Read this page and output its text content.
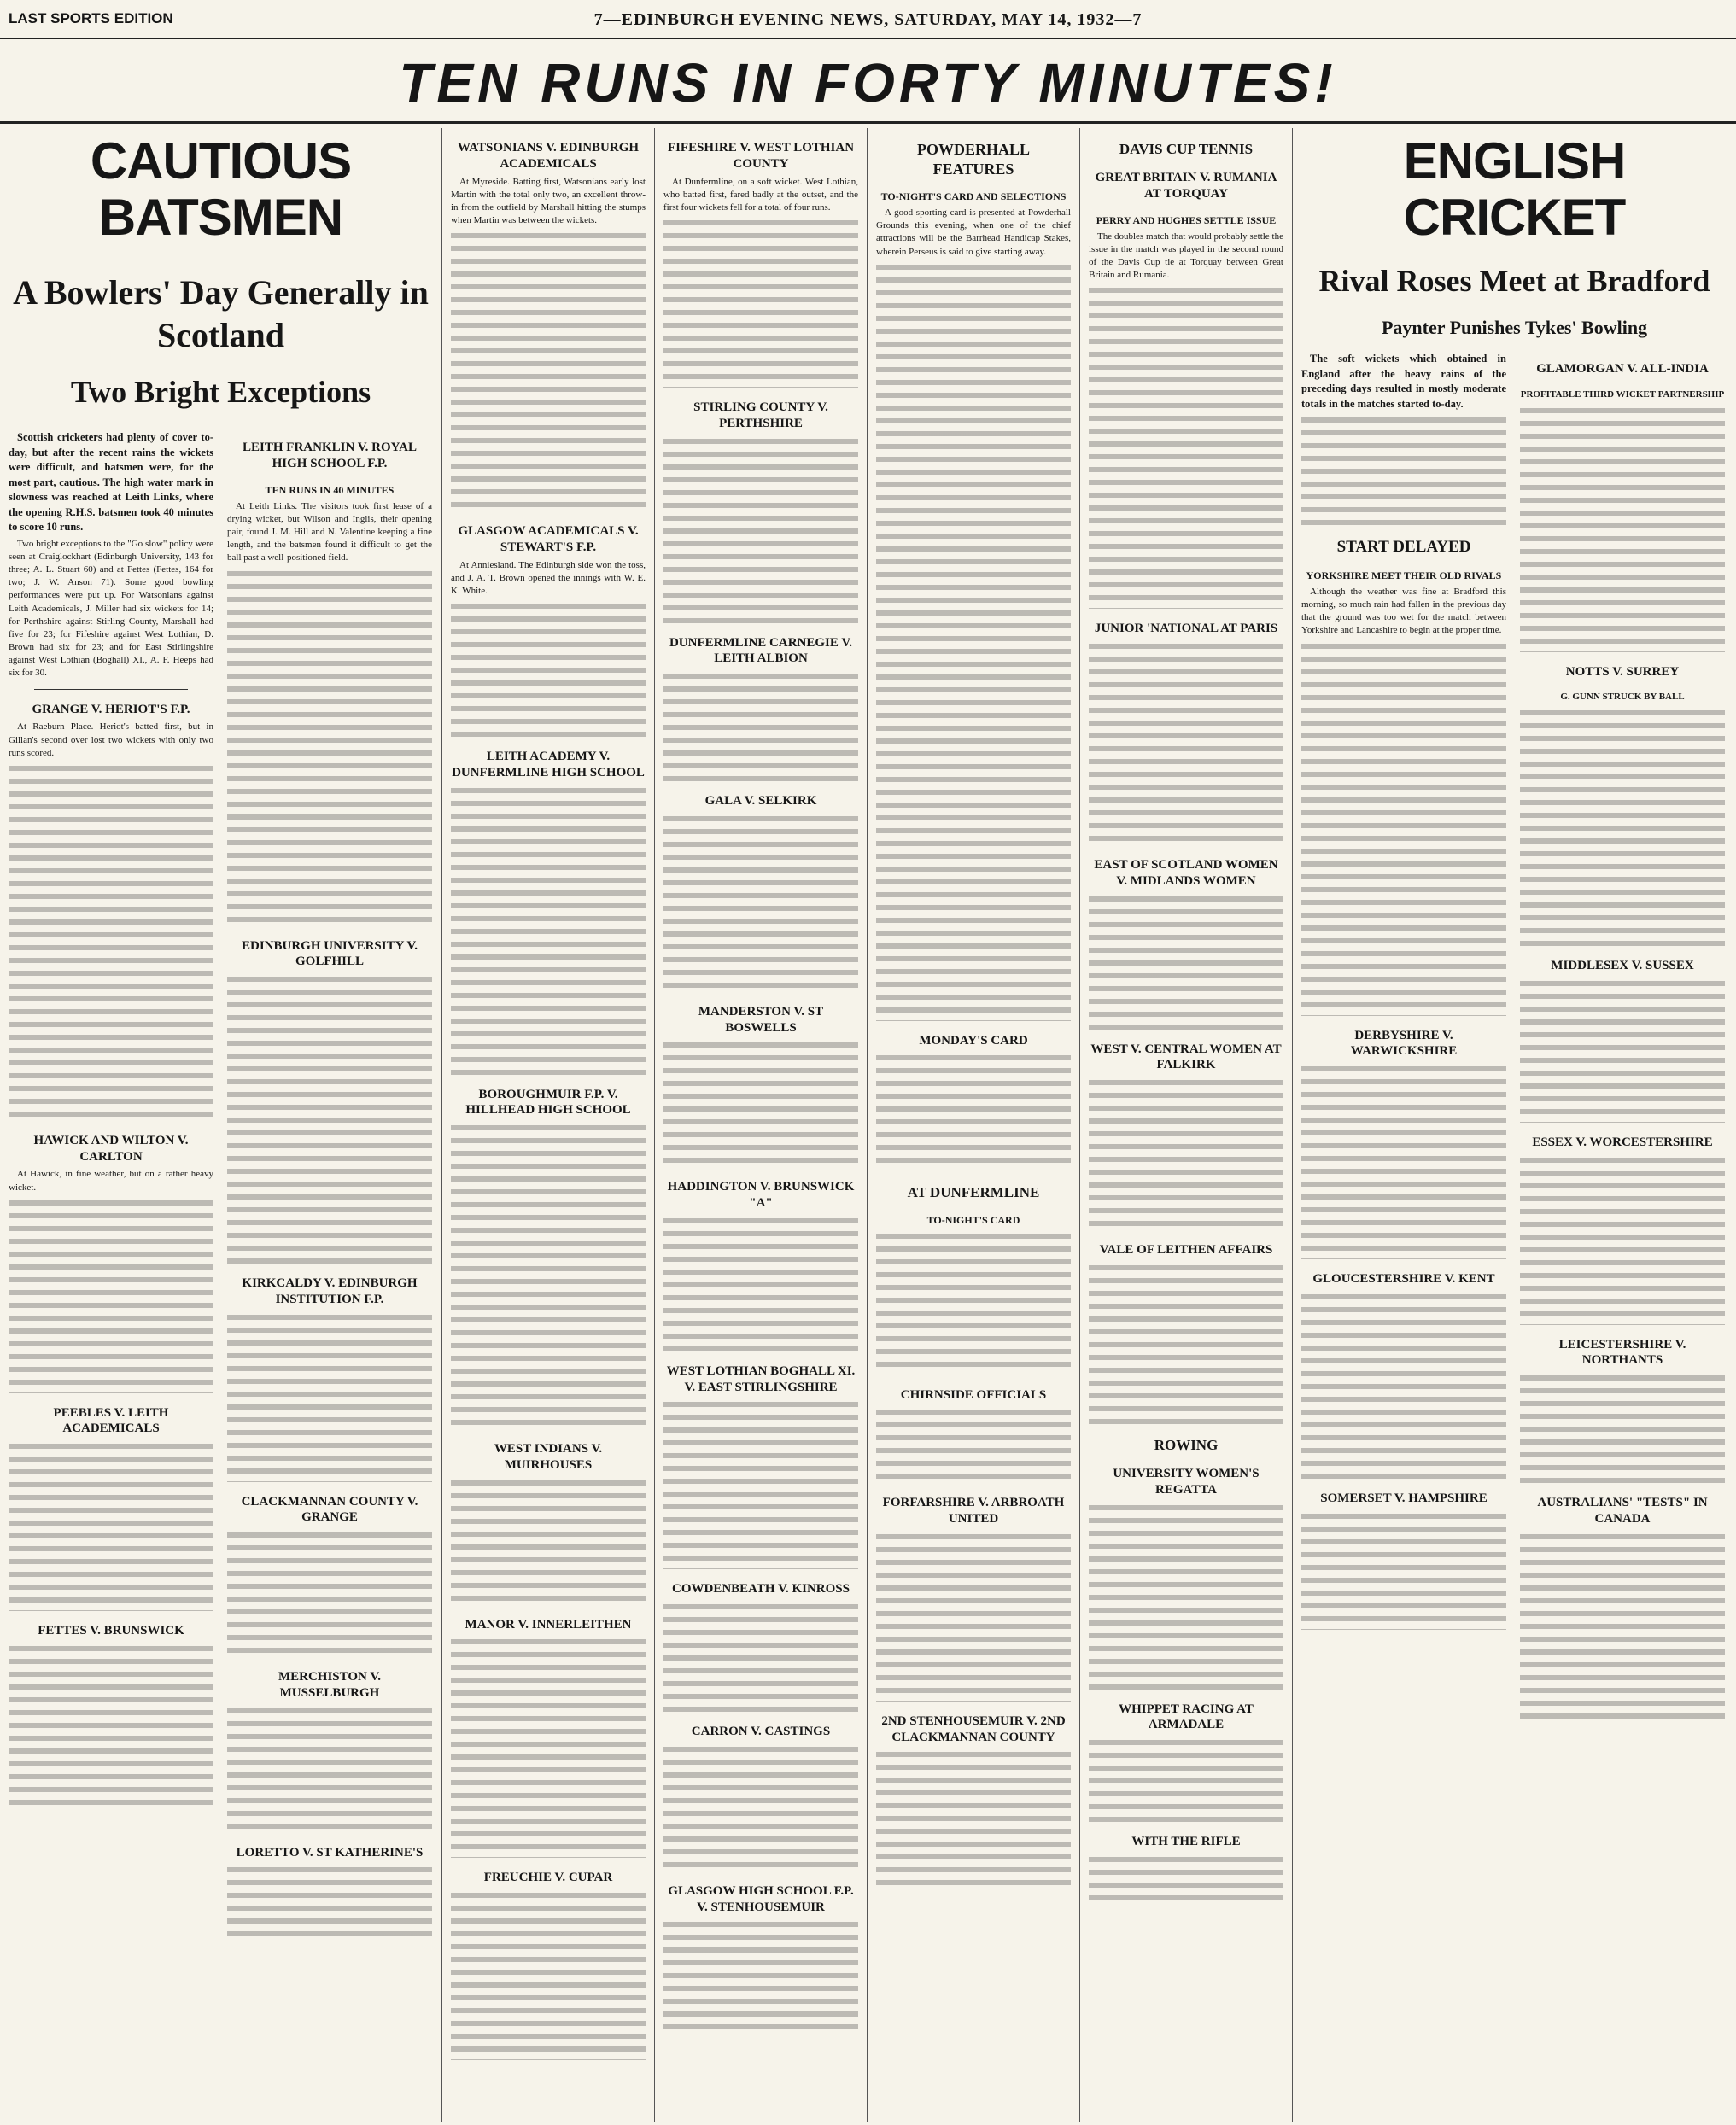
LAST SPORTS EDITION	7—EDINBURGH EVENING NEWS, SATURDAY, MAY 14, 1932—7
TEN RUNS IN FORTY MINUTES!
CAUTIOUS BATSMEN
A Bowlers' Day Generally in Scotland
Two Bright Exceptions

Scottish cricketers had plenty of cover to-day, but after the recent rains the wickets were difficult, and batsmen were, for the most part, cautious. The high water mark in slowness was reached at Leith Links, where the opening R.H.S. batsmen took 40 minutes to score 10 runs.

Two bright exceptions to the "Go slow" policy were seen at Craiglockhart (Edinburgh University, 143 for three; A. L. Stuart 60) and at Fettes (Fettes, 164 for two; J. W. Anson 71). Some good bowling performances were put up. For Watsonians against Leith Academicals, J. Miller had six wickets for 14; for Perthshire against Stirling County, Marshall had five for 23; for Fifeshire against West Lothian, D. Brown had six for 23; and for East Stirlingshire against West Lothian (Boghall) XI., A. F. Heeps had six for 30.

GRANGE V. HERIOT'S F.P.

At Raeburn Place. Heriot's batted first, but in Gillan's second over lost two wickets with only two runs scored.

HAWICK AND WILTON V. CARLTON

At Hawick, in fine weather, but on a rather heavy wicket.

PEEBLES V. LEITH ACADEMICALS
FETTES V. BRUNSWICK
LEITH FRANKLIN V. ROYAL HIGH SCHOOL F.P.
TEN RUNS IN 40 MINUTES

At Leith Links. The visitors took first lease of a drying wicket, but Wilson and Inglis, their opening pair, found J. M. Hill and N. Valentine keeping a fine length, and the batsmen found it difficult to get the ball past a well-positioned field.

EDINBURGH UNIVERSITY V. GOLFHILL
KIRKCALDY V. EDINBURGH INSTITUTION F.P.
CLACKMANNAN COUNTY V. GRANGE
MERCHISTON V. MUSSELBURGH
LORETTO V. ST KATHERINE'S
WATSONIANS V. EDINBURGH ACADEMICALS

At Myreside. Batting first, Watsonians early lost Martin with the total only two, an excellent throw-in from the outfield by Marshall hitting the stumps when Martin was between the wickets.

GLASGOW ACADEMICALS V. STEWART'S F.P.

At Anniesland. The Edinburgh side won the toss, and J. A. T. Brown opened the innings with W. E. K. White.

LEITH ACADEMY V. DUNFERMLINE HIGH SCHOOL
BOROUGHMUIR F.P. V. HILLHEAD HIGH SCHOOL
WEST INDIANS V. MUIRHOUSES
MANOR V. INNERLEITHEN
FREUCHIE V. CUPAR
FIFESHIRE V. WEST LOTHIAN COUNTY

At Dunfermline, on a soft wicket. West Lothian, who batted first, fared badly at the outset, and the first four wickets fell for a total of four runs.

STIRLING COUNTY V. PERTHSHIRE
DUNFERMLINE CARNEGIE V. LEITH ALBION
GALA V. SELKIRK
MANDERSTON V. ST BOSWELLS
HADDINGTON V. BRUNSWICK "A"
WEST LOTHIAN BOGHALL XI. V. EAST STIRLINGSHIRE
COWDENBEATH V. KINROSS
CARRON V. CASTINGS
GLASGOW HIGH SCHOOL F.P. V. STENHOUSEMUIR
POWDERHALL FEATURES
TO-NIGHT'S CARD AND SELECTIONS

A good sporting card is presented at Powderhall Grounds this evening, when one of the chief attractions will be the Barrhead Handicap Stakes, wherein Perseus is said to give starting away.

MONDAY'S CARD
AT DUNFERMLINE
TO-NIGHT'S CARD
CHIRNSIDE OFFICIALS
FORFARSHIRE V. ARBROATH UNITED
2ND STENHOUSEMUIR V. 2ND CLACKMANNAN COUNTY
DAVIS CUP TENNIS
GREAT BRITAIN V. RUMANIA AT TORQUAY
PERRY AND HUGHES SETTLE ISSUE

The doubles match that would probably settle the issue in the match was played in the second round of the Davis Cup tie at Torquay between Great Britain and Rumania.

JUNIOR 'NATIONAL AT PARIS
EAST OF SCOTLAND WOMEN V. MIDLANDS WOMEN
WEST V. CENTRAL WOMEN AT FALKIRK
VALE OF LEITHEN AFFAIRS
ROWING
UNIVERSITY WOMEN'S REGATTA
WHIPPET RACING AT ARMADALE
WITH THE RIFLE
ENGLISH CRICKET
Rival Roses Meet at Bradford
Paynter Punishes Tykes' Bowling

The soft wickets which obtained in England after the heavy rains of the preceding days resulted in mostly moderate totals in the matches started to-day.

START DELAYED
YORKSHIRE MEET THEIR OLD RIVALS

Although the weather was fine at Bradford this morning, so much rain had fallen in the previous day that the ground was too wet for the match between Yorkshire and Lancashire to begin at the proper time.

DERBYSHIRE V. WARWICKSHIRE
GLOUCESTERSHIRE V. KENT
SOMERSET V. HAMPSHIRE
GLAMORGAN V. ALL-INDIA
PROFITABLE THIRD WICKET PARTNERSHIP
NOTTS V. SURREY
G. GUNN STRUCK BY BALL
MIDDLESEX V. SUSSEX
ESSEX V. WORCESTERSHIRE
LEICESTERSHIRE V. NORTHANTS
AUSTRALIANS' "TESTS" IN CANADA
